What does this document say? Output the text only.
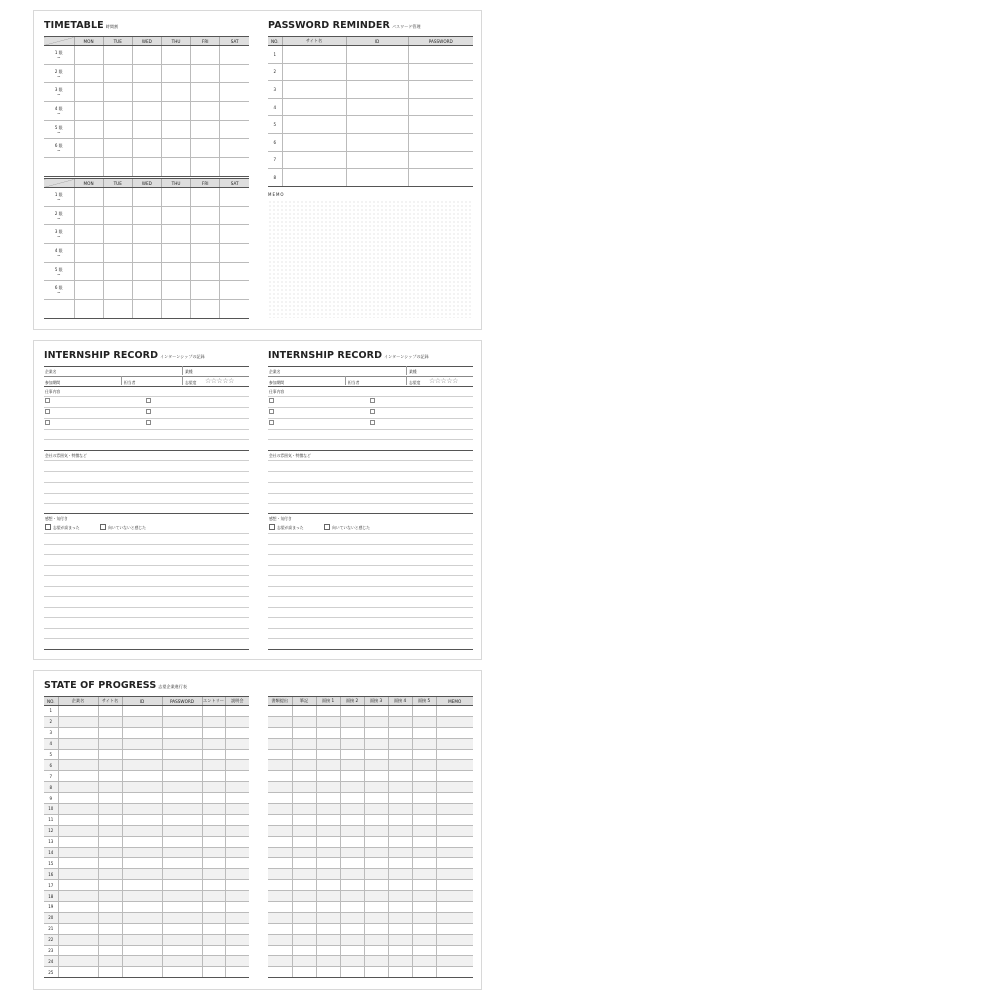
TIMETABLE 時間割
	MON	TUE	WED	THU	FRI	SAT
1 限
~						
2 限
~						
3 限
~						
4 限
~						
5 限
~						
6 限
~						

	MON	TUE	WED	THU	FRI	SAT
1 限
~						
2 限
~						
3 限
~						
4 限
~						
5 限
~						
6 限
~						

PASSWORD REMINDER パスワード管理
NO.	サイト名	ID	PASSWORD
1			
2			
3			
4			
5			
6			
7			
8			
MEMO
INTERNSHIP RECORD インターンシップの記録
企業名	業種
参加期間	担当者	志望度 ☆☆☆☆☆
仕事内容
会社の雰囲気・特徴など
感想・気付き
志望が高まった	向いていないと感じた
INTERNSHIP RECORD インターンシップの記録
企業名	業種
参加期間	担当者	志望度 ☆☆☆☆☆
仕事内容
会社の雰囲気・特徴など
感想・気付き
志望が高まった	向いていないと感じた
STATE OF PROGRESS 志望企業進行表
NO.	企業名	サイト名	ID	PASSWORD	エントリー	説明会
1						
2						
3						
4						
5						
6						
7						
8						
9						
10						
11						
12						
13						
14						
15						
16						
17						
18						
19						
20						
21						
22						
23						
24						
25						
書類提出	筆記	面接 1	面接 2	面接 3	面接 4	面接 5	MEMO
